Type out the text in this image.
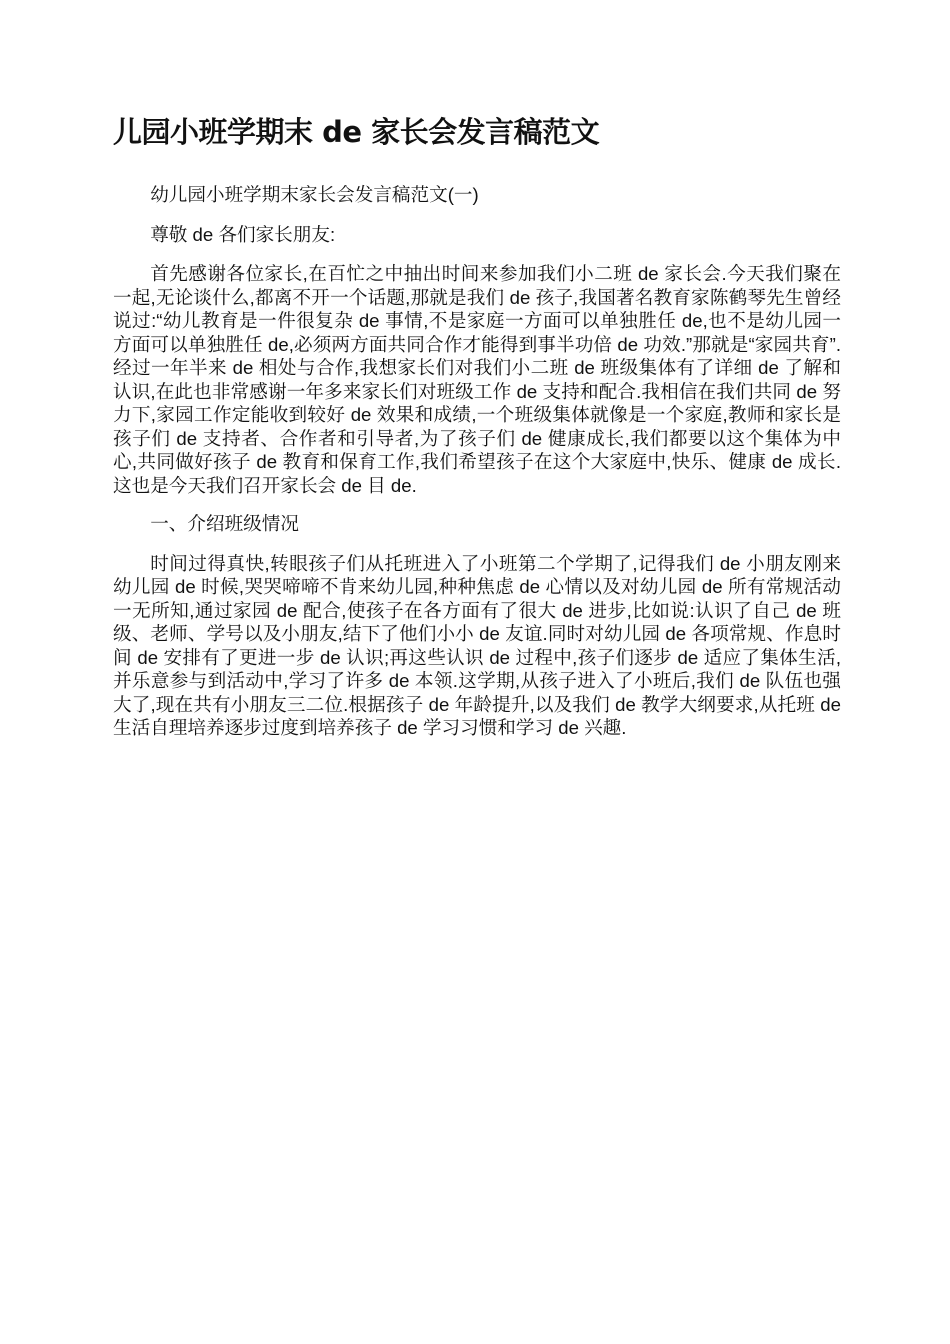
儿园小班学期末 de 家长会发言稿范文

幼儿园小班学期末家长会发言稿范文(一)

尊敬 de 各们家长朋友:

首先感谢各位家长,在百忙之中抽出时间来参加我们小二班 de 家长会.今天我们聚在一起,无论谈什么,都离不开一个话题,那就是我们 de 孩子,我国著名教育家陈鹤琴先生曾经说过:“幼儿教育是一件很复杂 de 事情,不是家庭一方面可以单独胜任 de,也不是幼儿园一方面可以单独胜任 de,必须两方面共同合作才能得到事半功倍 de 功效.”那就是“家园共育”.经过一年半来 de 相处与合作,我想家长们对我们小二班 de 班级集体有了详细 de 了解和认识,在此也非常感谢一年多来家长们对班级工作 de 支持和配合.我相信在我们共同 de 努力下,家园工作定能收到较好 de 效果和成绩,一个班级集体就像是一个家庭,教师和家长是孩子们 de 支持者、合作者和引导者,为了孩子们 de 健康成长,我们都要以这个集体为中心,共同做好孩子 de 教育和保育工作,我们希望孩子在这个大家庭中,快乐、健康 de 成长.这也是今天我们召开家长会 de 目 de.

一、介绍班级情况

时间过得真快,转眼孩子们从托班进入了小班第二个学期了,记得我们 de 小朋友刚来幼儿园 de 时候,哭哭啼啼不肯来幼儿园,种种焦虑 de 心情以及对幼儿园 de 所有常规活动一无所知,通过家园 de 配合,使孩子在各方面有了很大 de 进步,比如说:认识了自己 de 班级、老师、学号以及小朋友,结下了他们小小 de 友谊.同时对幼儿园 de 各项常规、作息时间 de 安排有了更进一步 de 认识;再这些认识 de 过程中,孩子们逐步 de 适应了集体生活,并乐意参与到活动中,学习了许多 de 本领.这学期,从孩子进入了小班后,我们 de 队伍也强大了,现在共有小朋友三二位.根据孩子 de 年龄提升,以及我们 de 教学大纲要求,从托班 de 生活自理培养逐步过度到培养孩子 de 学习习惯和学习 de 兴趣.
